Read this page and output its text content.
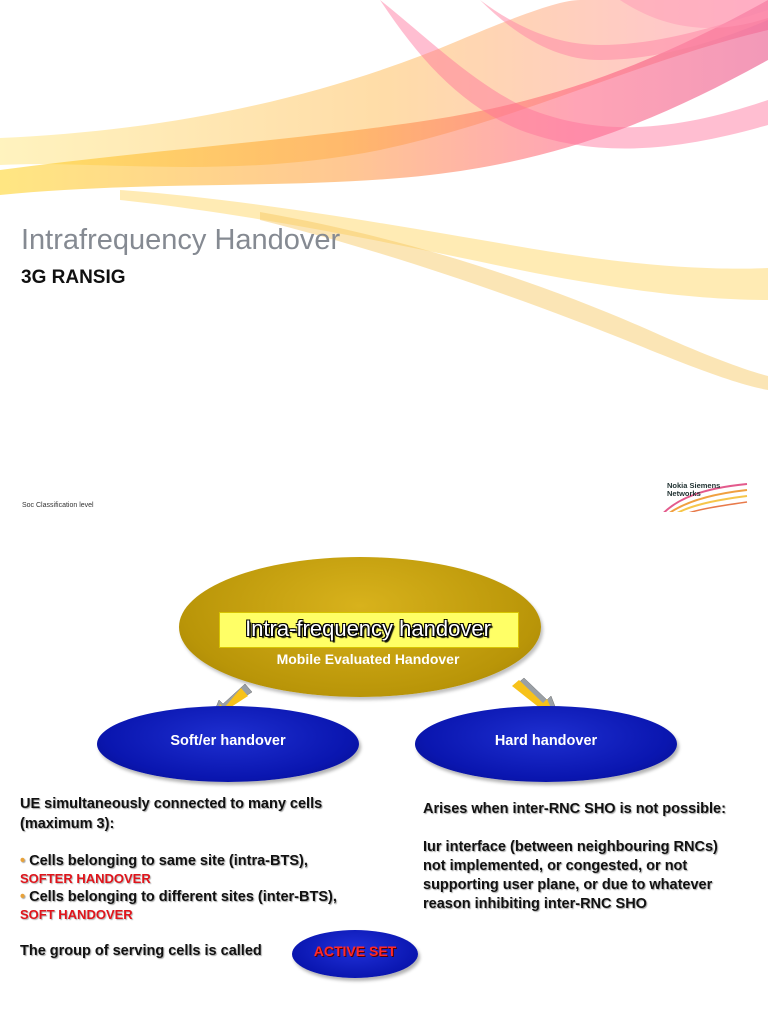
Intrafrequency Handover
3G RANSIG
Soc Classification level
Nokia Siemens
Networks
Intra-frequency handover
Mobile Evaluated Handover
Soft/er handover	Hard handover
UE simultaneously connected to many cells
(maximum 3):
• Cells belonging to same site (intra-BTS),
SOFTER HANDOVER
• Cells belonging to different sites (inter-BTS),
SOFT HANDOVER
The group of serving cells is called	ACTIVE SET
Arises when inter-RNC SHO is not possible:
Iur interface (between neighbouring RNCs)
not implemented, or congested, or not
supporting user plane, or due to whatever
reason inhibiting inter-RNC SHO
